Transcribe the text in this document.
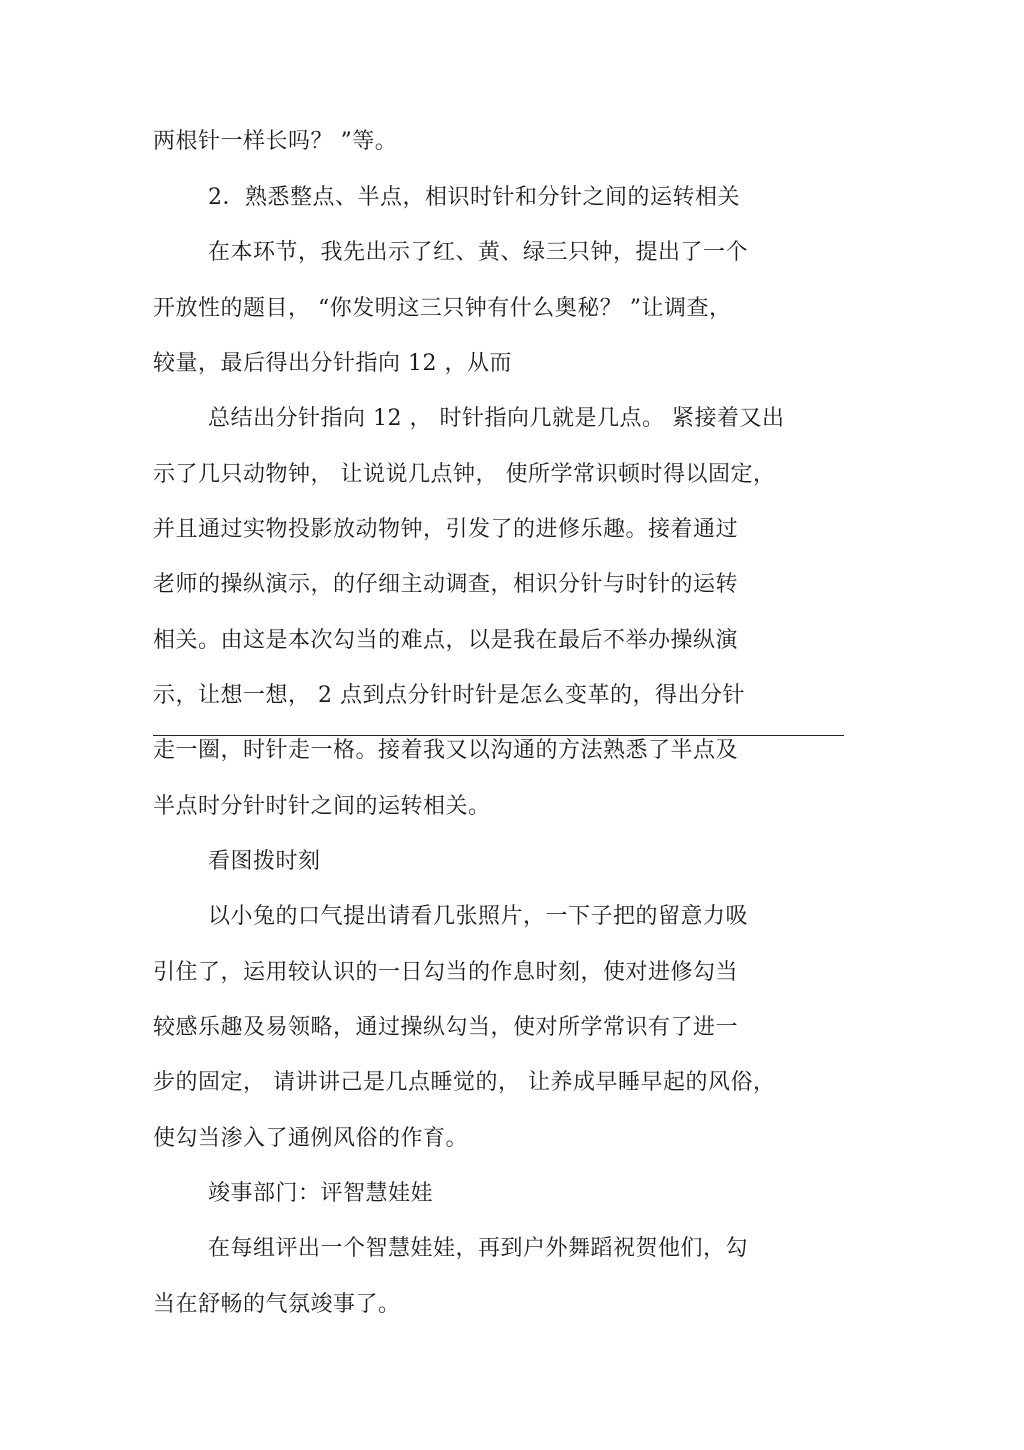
两根针一样长吗？ ”等。
2．熟悉整点、半点，相识时针和分针之间的运转相关
在本环节，我先出示了红、黄、绿三只钟，提出了一个
开放性的题目， “你发明这三只钟有什么奥秘？ ”让调查，
较量，最后得出分针指向 12 ，从而
总结出分针指向 12 ， 时针指向几就是几点。 紧接着又出
示了几只动物钟， 让说说几点钟， 使所学常识顿时得以固定，
并且通过实物投影放动物钟，引发了的进修乐趣。接着通过
老师的操纵演示，的仔细主动调查，相识分针与时针的运转
相关。由这是本次勾当的难点，以是我在最后不举办操纵演
示，让想一想， 2 点到点分针时针是怎么变革的，得出分针
走一圈，时针走一格。接着我又以沟通的方法熟悉了半点及
半点时分针时针之间的运转相关。
看图拨时刻
以小兔的口气提出请看几张照片，一下子把的留意力吸
引住了，运用较认识的一日勾当的作息时刻，使对进修勾当
较感乐趣及易领略，通过操纵勾当，使对所学常识有了进一
步的固定， 请讲讲己是几点睡觉的， 让养成早睡早起的风俗，
使勾当渗入了通例风俗的作育。
竣事部门：评智慧娃娃
在每组评出一个智慧娃娃，再到户外舞蹈祝贺他们，勾
当在舒畅的气氛竣事了。
